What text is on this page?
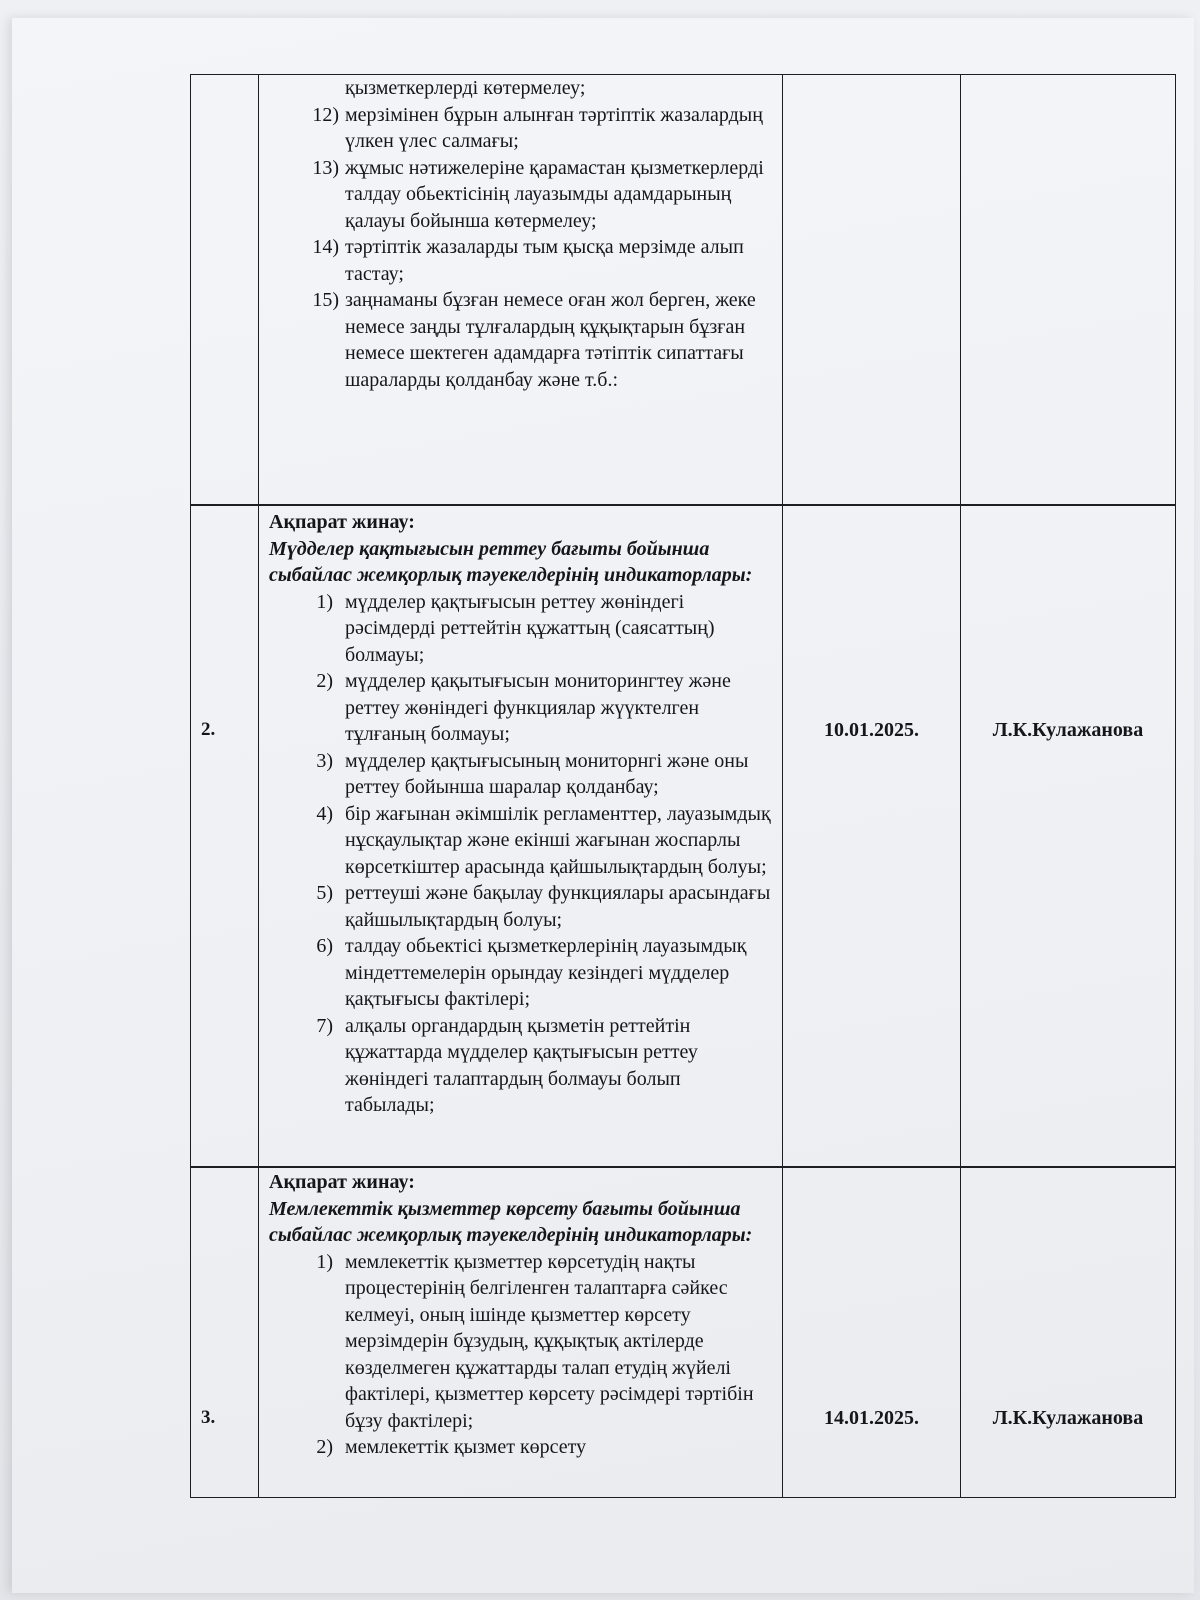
қызметкерлерді көтермелеу;
12) мерзімінен бұрын алынған тәртіптік жазалардың үлкен үлес салмағы;
13) жұмыс нәтижелеріне қарамастан қызметкерлерді талдау обьектісінің лауазымды адамдарының қалауы бойынша көтермелеу;
14) тәртіптік жазаларды тым қысқа мерзімде алып тастау;
15) заңнаманы бұзған немесе оған жол берген, жеке немесе заңды тұлғалардың құқықтарын бұзған немесе шектеген адамдарға тәтіптік сипаттағы шараларды қолданбау және т.б.:
2.
Ақпарат жинау:
Мүдделер қақтығысын реттеу бағыты бойынша сыбайлас жемқорлық тәуекелдерінің индикаторлары:
1) мүдделер қақтығысын реттеу жөніндегі рәсімдерді реттейтін құжаттың (саясаттың) болмауы;
2) мүдделер қақытығысын мониторингтеу және реттеу жөніндегі функциялар жүүктелген тұлғаның болмауы;
3) мүдделер қақтығысының мониторнгі және оны реттеу бойынша шаралар қолданбау;
4) бір жағынан әкімшілік регламенттер, лауазымдық нұсқаулықтар және екінші жағынан жоспарлы көрсеткіштер арасында қайшылықтардың болуы;
5) реттеуші және бақылау функциялары арасындағы қайшылықтардың болуы;
6) талдау обьектісі қызметкерлерінің лауазымдық міндеттемелерін орындау кезіндегі мүдделер қақтығысы фактілері;
7) алқалы органдардың қызметін реттейтін құжаттарда мүдделер қақтығысын реттеу жөніндегі талаптардың болмауы болып табылады;
10.01.2025.	Л.К.Кулажанова
3.
Ақпарат жинау:
Мемлекеттік қызметтер көрсету бағыты бойынша сыбайлас жемқорлық тәуекелдерінің индикаторлары:
1) мемлекеттік қызметтер көрсетудің нақты процестерінің белгіленген талаптарға сәйкес келмеуі, оның ішінде қызметтер көрсету мерзімдерін бұзудың, құқықтық актілерде көзделмеген құжаттарды талап етудің жүйелі фактілері, қызметтер көрсету рәсімдері тәртібін бұзу фактілері;
2) мемлекеттік қызмет көрсету
14.01.2025.	Л.К.Кулажанова
